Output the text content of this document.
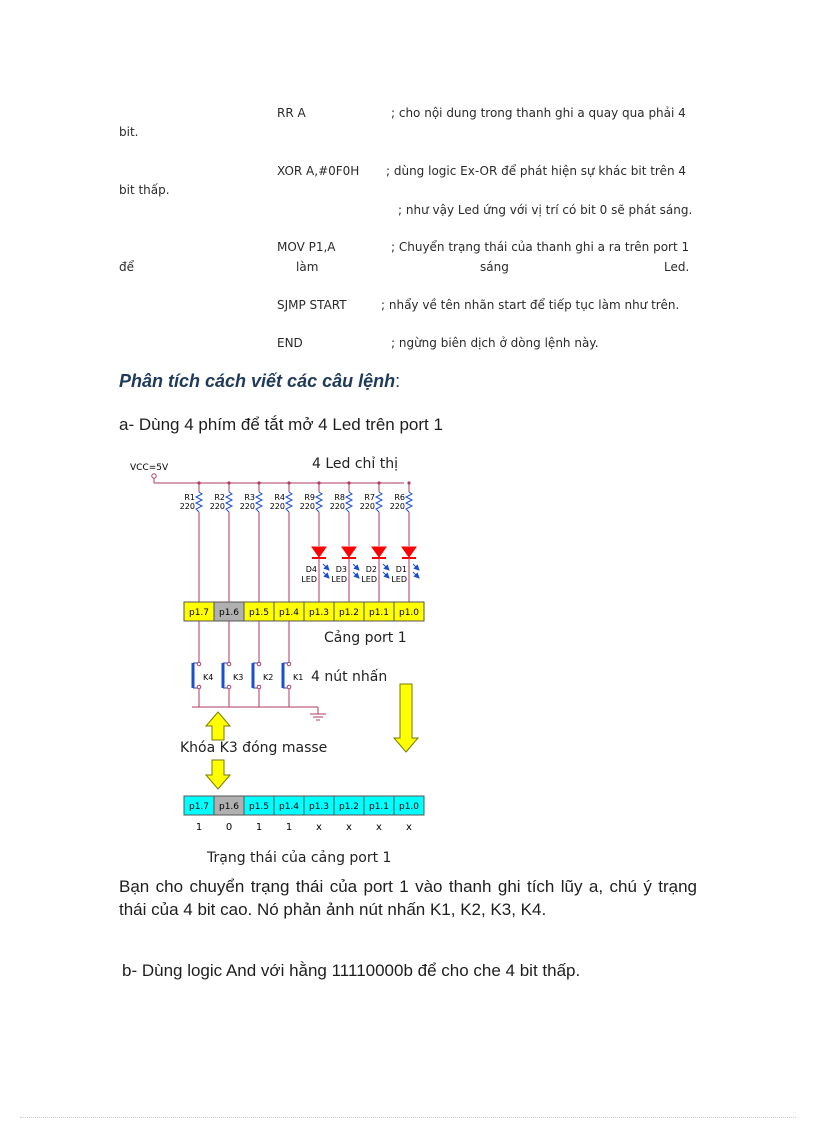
RR A	; cho nội dung trong thanh ghi a quay qua phải 4
bit.
XOR A,#0F0H ; dùng logic Ex-OR để phát hiện sự khác bit trên 4
bit thấp.
; như vậy Led ứng với vị trí có bit 0 sẽ phát sáng.
MOV P1,A	; Chuyển trạng thái của thanh ghi a ra trên port 1
để	làm	sáng	Led.
SJMP START	; nhẩy về tên nhãn start để tiếp tục làm như trên.
END	; ngừng biên dịch ở dòng lệnh này.
Phân tích cách viết các câu lệnh:
a- Dùng 4 phím để tắt mở 4 Led trên port 1
VCC=5V	4 Led chỉ thị
R1
220
R2
220
R3
220
R4
220
R9
220
R8
220
R7
220
R6
220
D4
LED
D3
LED
D2
LED
D1
LED
p1.7 p1.6 p1.5 p1.4 p1.3 p1.2 p1.1 p1.0
Cảng port 1
K4 K3 K2 K1 4 nút nhấn
Khóa K3 đóng masse
p1.7 p1.6 p1.5 p1.4 p1.3 p1.2 p1.1 p1.0
1 0 1 1 x x x x
Trạng thái của cảng port 1
Bạn cho chuyển trạng thái của port 1 vào thanh ghi tích lũy a, chú ý trạng thái của 4 bit cao. Nó phản ảnh nút nhấn K1, K2, K3, K4.
b- Dùng logic And với hằng 11110000b để cho che 4 bit thấp.
